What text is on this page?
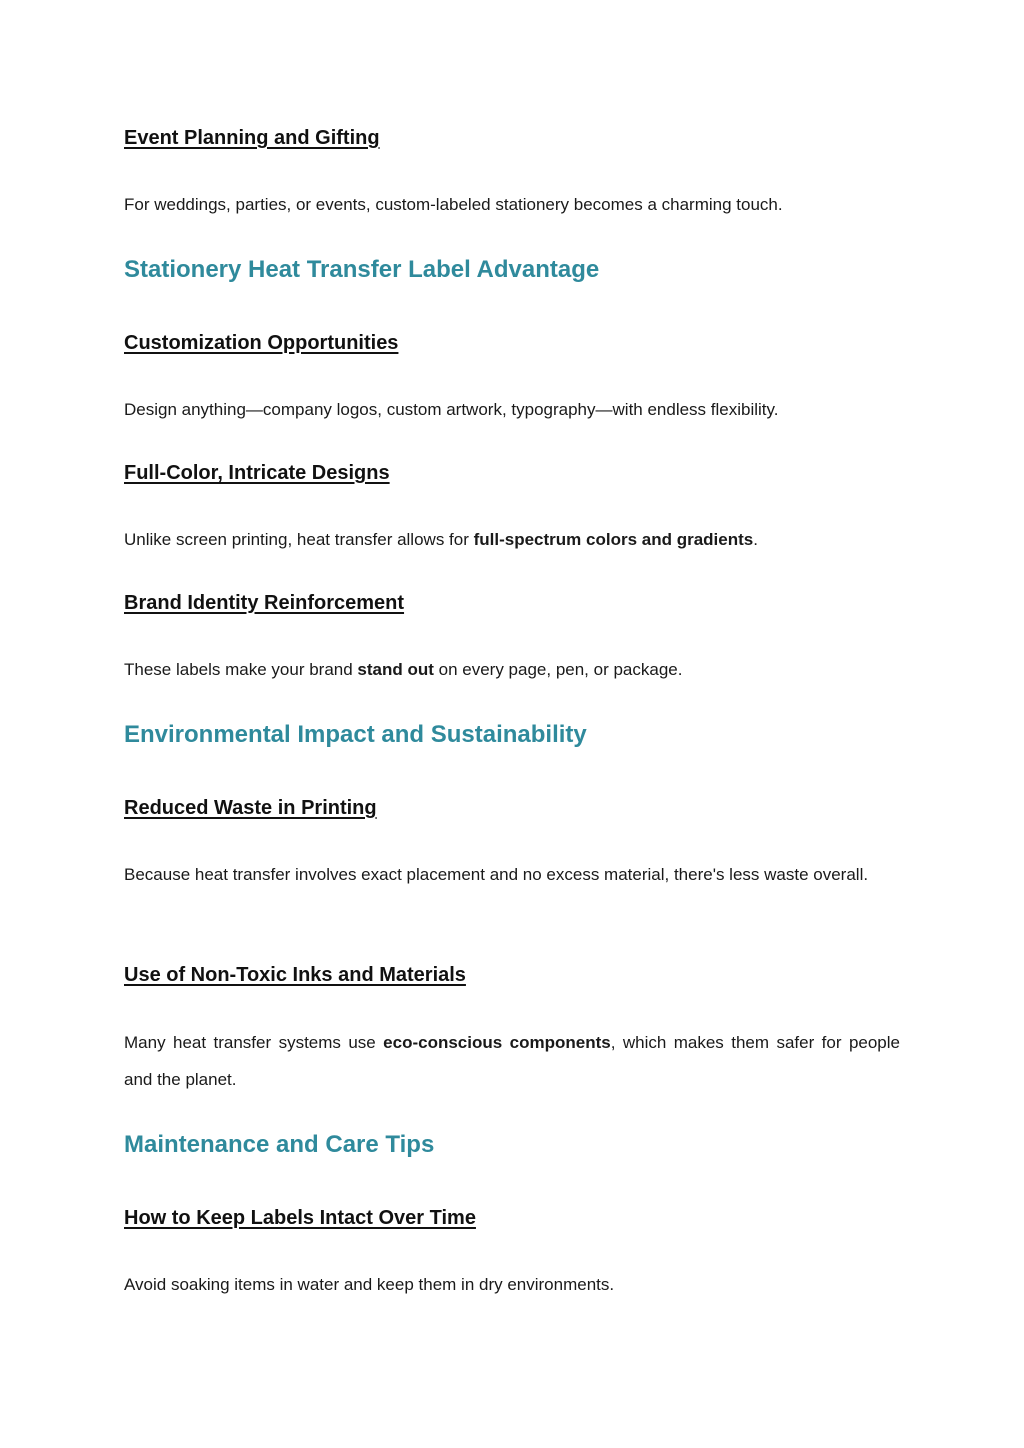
Event Planning and Gifting

For weddings, parties, or events, custom-labeled stationery becomes a charming touch.

Stationery Heat Transfer Label Advantage
Customization Opportunities

Design anything—company logos, custom artwork, typography—with endless flexibility.

Full-Color, Intricate Designs

Unlike screen printing, heat transfer allows for full-spectrum colors and gradients.

Brand Identity Reinforcement

These labels make your brand stand out on every page, pen, or package.

Environmental Impact and Sustainability
Reduced Waste in Printing

Because heat transfer involves exact placement and no excess material, there's less waste overall.

Use of Non-Toxic Inks and Materials

Many heat transfer systems use eco-conscious components, which makes them safer for people and the planet.

Maintenance and Care Tips
How to Keep Labels Intact Over Time

Avoid soaking items in water and keep them in dry environments.
